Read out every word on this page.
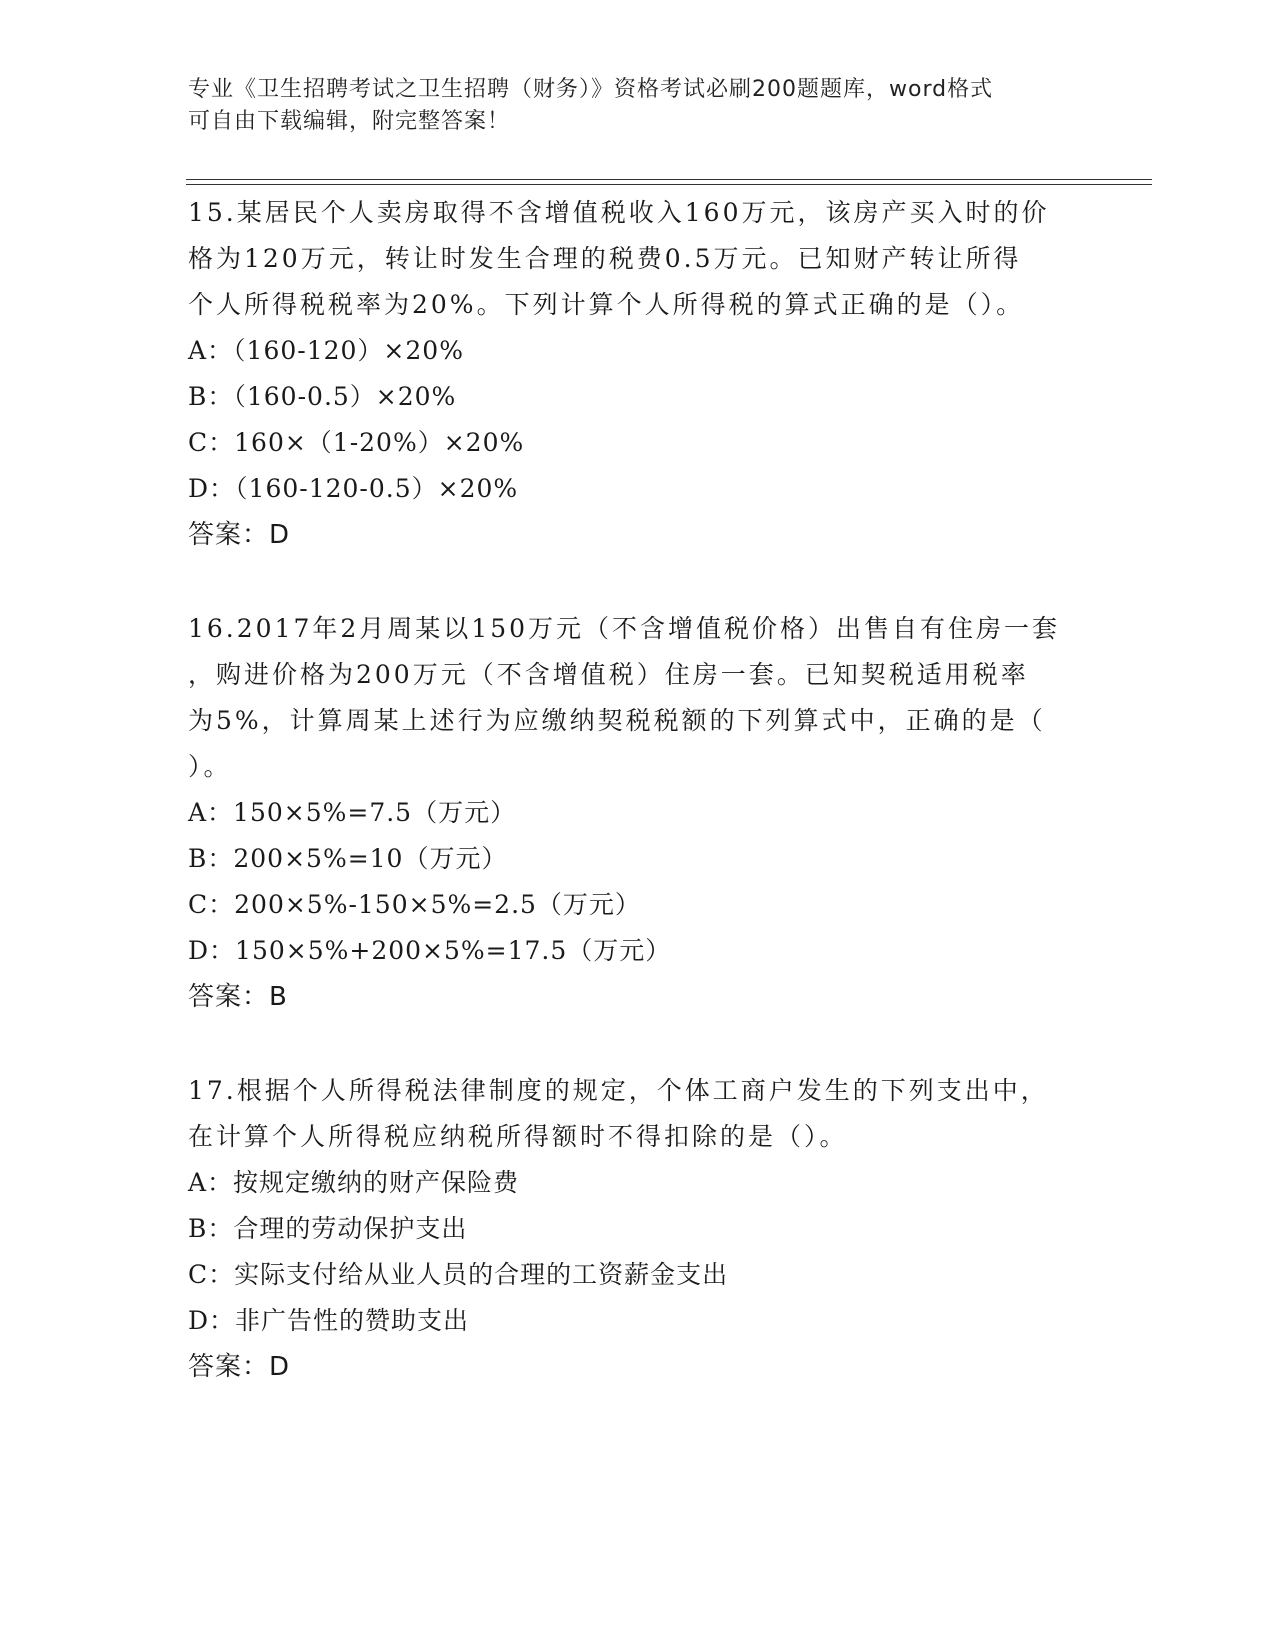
专业《卫生招聘考试之卫生招聘（财务）》资格考试必刷200题题库，word格式
可自由下载编辑，附完整答案！
15.某居民个人卖房取得不含增值税收入160万元，该房产买入时的价
格为120万元，转让时发生合理的税费0.5万元。已知财产转让所得
个人所得税税率为20%。下列计算个人所得税的算式正确的是（）。
A：（160-120）×20%
B：（160-0.5）×20%
C：160×（1-20%）×20%
D：（160-120-0.5）×20%
答案：D
16.2017年2月周某以150万元（不含增值税价格）出售自有住房一套
，购进价格为200万元（不含增值税）住房一套。已知契税适用税率
为5%，计算周某上述行为应缴纳契税税额的下列算式中，正确的是（
）。
A：150×5%=7.5（万元）
B：200×5%=10（万元）
C：200×5%-150×5%=2.5（万元）
D：150×5%+200×5%=17.5（万元）
答案：B
17.根据个人所得税法律制度的规定，个体工商户发生的下列支出中，
在计算个人所得税应纳税所得额时不得扣除的是（）。
A：按规定缴纳的财产保险费
B：合理的劳动保护支出
C：实际支付给从业人员的合理的工资薪金支出
D：非广告性的赞助支出
答案：D
